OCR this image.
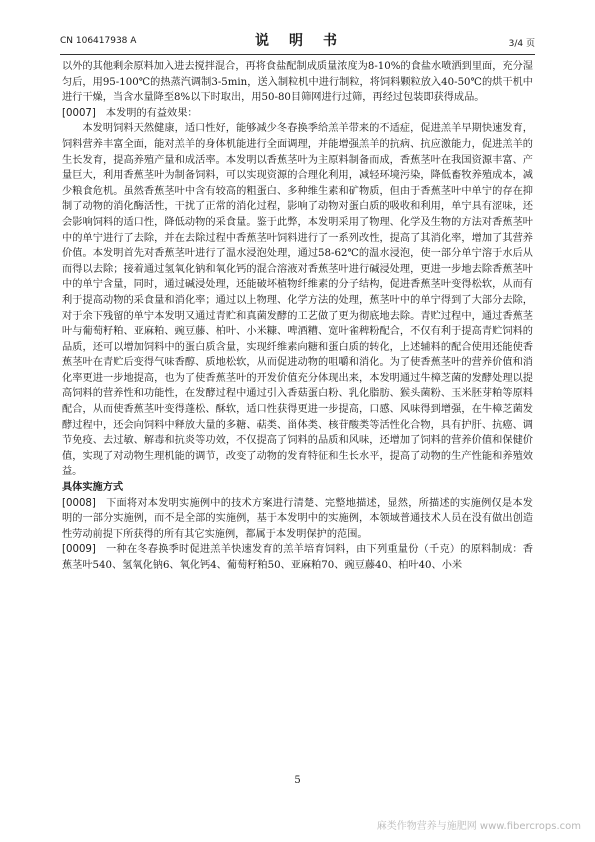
CN 106417938 A	说　明　书	3/4 页

以外的其他剩余原料加入进去搅拌混合，再将食盐配制成质量浓度为8-10%的食盐水喷洒到里面，充分湿匀后，用95-100℃的热蒸汽调制3-5min，送入制粒机中进行制粒，将饲料颗粒放入40-50℃的烘干机中进行干燥，当含水量降至8%以下时取出，用50-80目筛网进行过筛，再经过包装即获得成品。

[0007] 本发明的有益效果：

本发明饲料天然健康，适口性好，能够减少冬春换季给羔羊带来的不适症，促进羔羊早期快速发育，饲料营养丰富全面，能对羔羊的身体机能进行全面调理，并能增强羔羊的抗病、抗应激能力，促进羔羊的生长发育，提高养殖产量和成活率。本发明以香蕉茎叶为主原料制备而成，香蕉茎叶在我国资源丰富、产量巨大，利用香蕉茎叶为制备饲料，可以实现资源的合理化利用，减轻环境污染，降低畜牧养殖成本，减少粮食危机。虽然香蕉茎叶中含有较高的粗蛋白、多种维生素和矿物质，但由于香蕉茎叶中单宁的存在抑制了动物的消化酶活性，干扰了正常的消化过程，影响了动物对蛋白质的吸收和利用，单宁具有涩味，还会影响饲料的适口性，降低动物的采食量。鉴于此弊，本发明采用了物理、化学及生物的方法对香蕉茎叶中的单宁进行了去除，并在去除过程中香蕉茎叶饲料进行了一系列改性，提高了其消化率，增加了其营养价值。本发明首先对香蕉茎叶进行了温水浸泡处理，通过58-62℃的温水浸泡，使一部分单宁溶于水后从而得以去除；接着通过氢氧化钠和氧化钙的混合溶液对香蕉茎叶进行碱浸处理，更进一步地去除香蕉茎叶中的单宁含量，同时，通过碱浸处理，还能破坏植物纤维素的分子结构，促进香蕉茎叶变得松软，从而有利于提高动物的采食量和消化率；通过以上物理、化学方法的处理，蕉茎叶中的单宁得到了大部分去除，对于余下残留的单宁本发明又通过青贮和真菌发酵的工艺做了更为彻底地去除。青贮过程中，通过香蕉茎叶与葡萄籽粕、亚麻粕、豌豆藤、柏叶、小米糠、啤酒糟、宽叶雀稗粉配合，不仅有利于提高青贮饲料的品质，还可以增加饲料中的蛋白质含量，实现纤维素向糖和蛋白质的转化，上述辅料的配合使用还能使香蕉茎叶在青贮后变得气味香醇、质地松软，从而促进动物的咀嚼和消化。为了使香蕉茎叶的营养价值和消化率更进一步地提高，也为了使香蕉茎叶的开发价值充分体现出来，本发明通过牛樟芝菌的发酵处理以提高饲料的营养性和功能性，在发酵过程中通过引入香菇蛋白粉、乳化脂肪、猴头菌粉、玉米胚芽粕等原料配合，从而使香蕉茎叶变得蓬松、酥软，适口性获得更进一步提高，口感、风味得到增强，在牛樟芝菌发酵过程中，还会向饲料中释放大量的多糖、萜类、甾体类、核苷酸类等活性化合物，具有护肝、抗癌、调节免疫、去过敏、解毒和抗炎等功效，不仅提高了饲料的品质和风味，还增加了饲料的营养价值和保健价值，实现了对动物生理机能的调节，改变了动物的发育特征和生长水平，提高了动物的生产性能和养殖效益。

具体实施方式

[0008] 下面将对本发明实施例中的技术方案进行清楚、完整地描述，显然，所描述的实施例仅是本发明的一部分实施例，而不是全部的实施例，基于本发明中的实施例，本领域普通技术人员在没有做出创造性劳动前提下所获得的所有其它实施例，都属于本发明保护的范围。

[0009] 一种在冬春换季时促进羔羊快速发育的羔羊培育饲料，由下列重量份（千克）的原料制成：香蕉茎叶540、氢氧化钠6、氧化钙4、葡萄籽粕50、亚麻粕70、豌豆藤40、柏叶40、小米

5
麻类作物营养与施肥网 www.fibercrops.com
